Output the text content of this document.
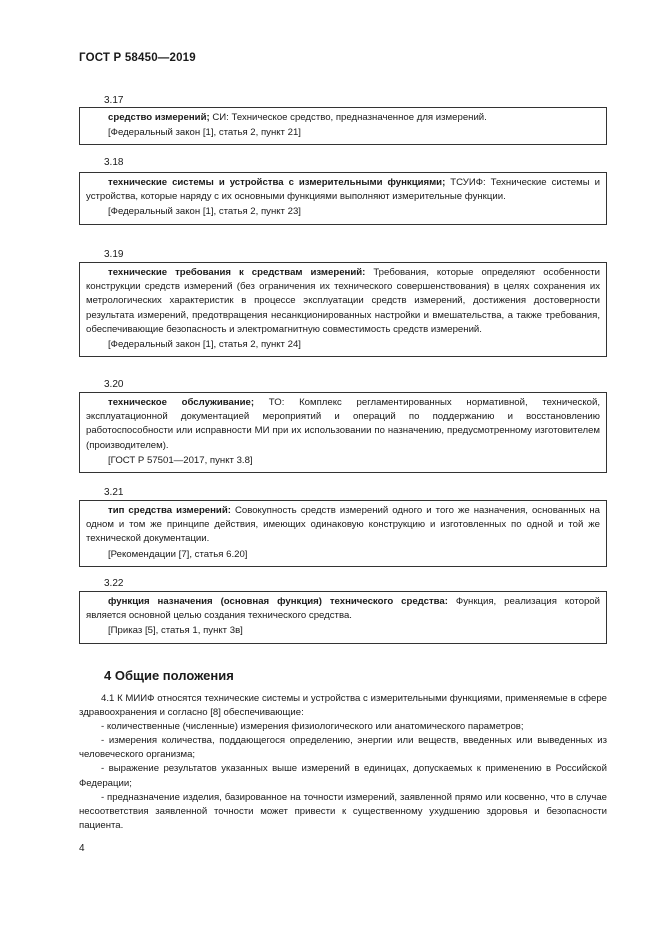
ГОСТ Р 58450—2019
3.17

средство измерений; СИ: Техническое средство, предназначенное для измерений.

[Федеральный закон [1], статья 2, пункт 21]

3.18

технические системы и устройства с измерительными функциями; ТСУИФ: Технические системы и устройства, которые наряду с их основными функциями выполняют измерительные функции.

[Федеральный закон [1], статья 2, пункт 23]

3.19

технические требования к средствам измерений: Требования, которые определяют особенности конструкции средств измерений (без ограничения их технического совершенствования) в целях сохранения их метрологических характеристик в процессе эксплуатации средств измерений, достижения достоверности результата измерений, предотвращения несанкционированных настройки и вмешательства, а также требования, обеспечивающие безопасность и электромагнитную совместимость средств измерений.

[Федеральный закон [1], статья 2, пункт 24]

3.20

техническое обслуживание; ТО: Комплекс регламентированных нормативной, технической, эксплуатационной документацией мероприятий и операций по поддержанию и восстановлению работоспособности или исправности МИ при их использовании по назначению, предусмотренному изготовителем (производителем).

[ГОСТ Р 57501—2017, пункт 3.8]

3.21

тип средства измерений: Совокупность средств измерений одного и того же назначения, основанных на одном и том же принципе действия, имеющих одинаковую конструкцию и изготовленных по одной и той же технической документации.

[Рекомендации [7], статья 6.20]

3.22

функция назначения (основная функция) технического средства: Функция, реализация которой является основной целью создания технического средства.

[Приказ [5], статья 1, пункт 3в]

4 Общие положения

4.1 К МИИФ относятся технические системы и устройства с измерительными функциями, применяемые в сфере здравоохранения и согласно [8] обеспечивающие:

- количественные (численные) измерения физиологического или анатомического параметров;

- измерения количества, поддающегося определению, энергии или веществ, введенных или выведенных из человеческого организма;

- выражение результатов указанных выше измерений в единицах, допускаемых к применению в Российской Федерации;

- предназначение изделия, базированное на точности измерений, заявленной прямо или косвенно, что в случае несоответствия заявленной точности может привести к существенному ухудшению здоровья и безопасности пациента.

4
